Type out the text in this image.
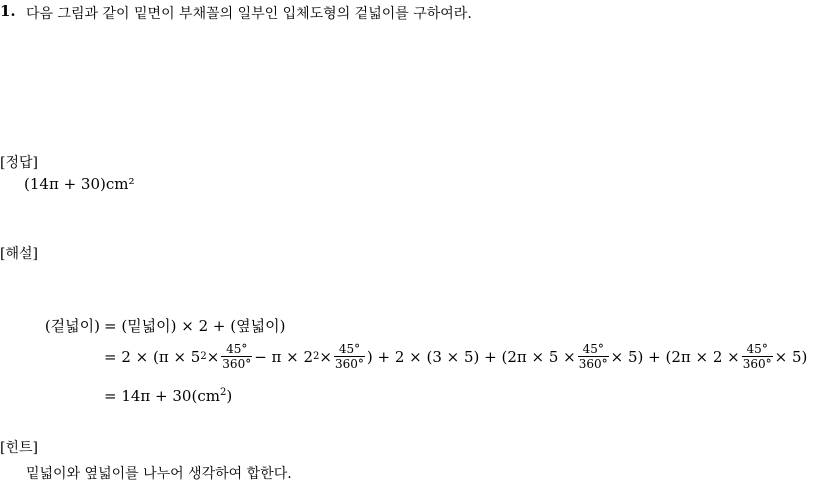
1. 다음 그림과 같이 밑면이 부채꼴의 일부인 입체도형의 겉넓이를 구하여라.
[정답]
(14π + 30)cm²
[해설]
(겉넓이) = (밑넓이) × 2 + (옆넓이)
= 2 × (π × 5 $2 \times \frac{45^\circ}{360^\circ} - \pi \times 2$ $2 \times \frac{45^\circ}{360^\circ}$ ) + $2 \times (3 \times 5) + (2\pi \times 5 \times \frac{45^\circ}{360^\circ} \times 5) + (2\pi \times 2 \times \frac{45^\circ}{360^\circ} \times 5)$
= $14\pi + 30(cm^2)$
[힌트]
밑넓이와 옆넓이를 나누어 생각하여 합한다.
